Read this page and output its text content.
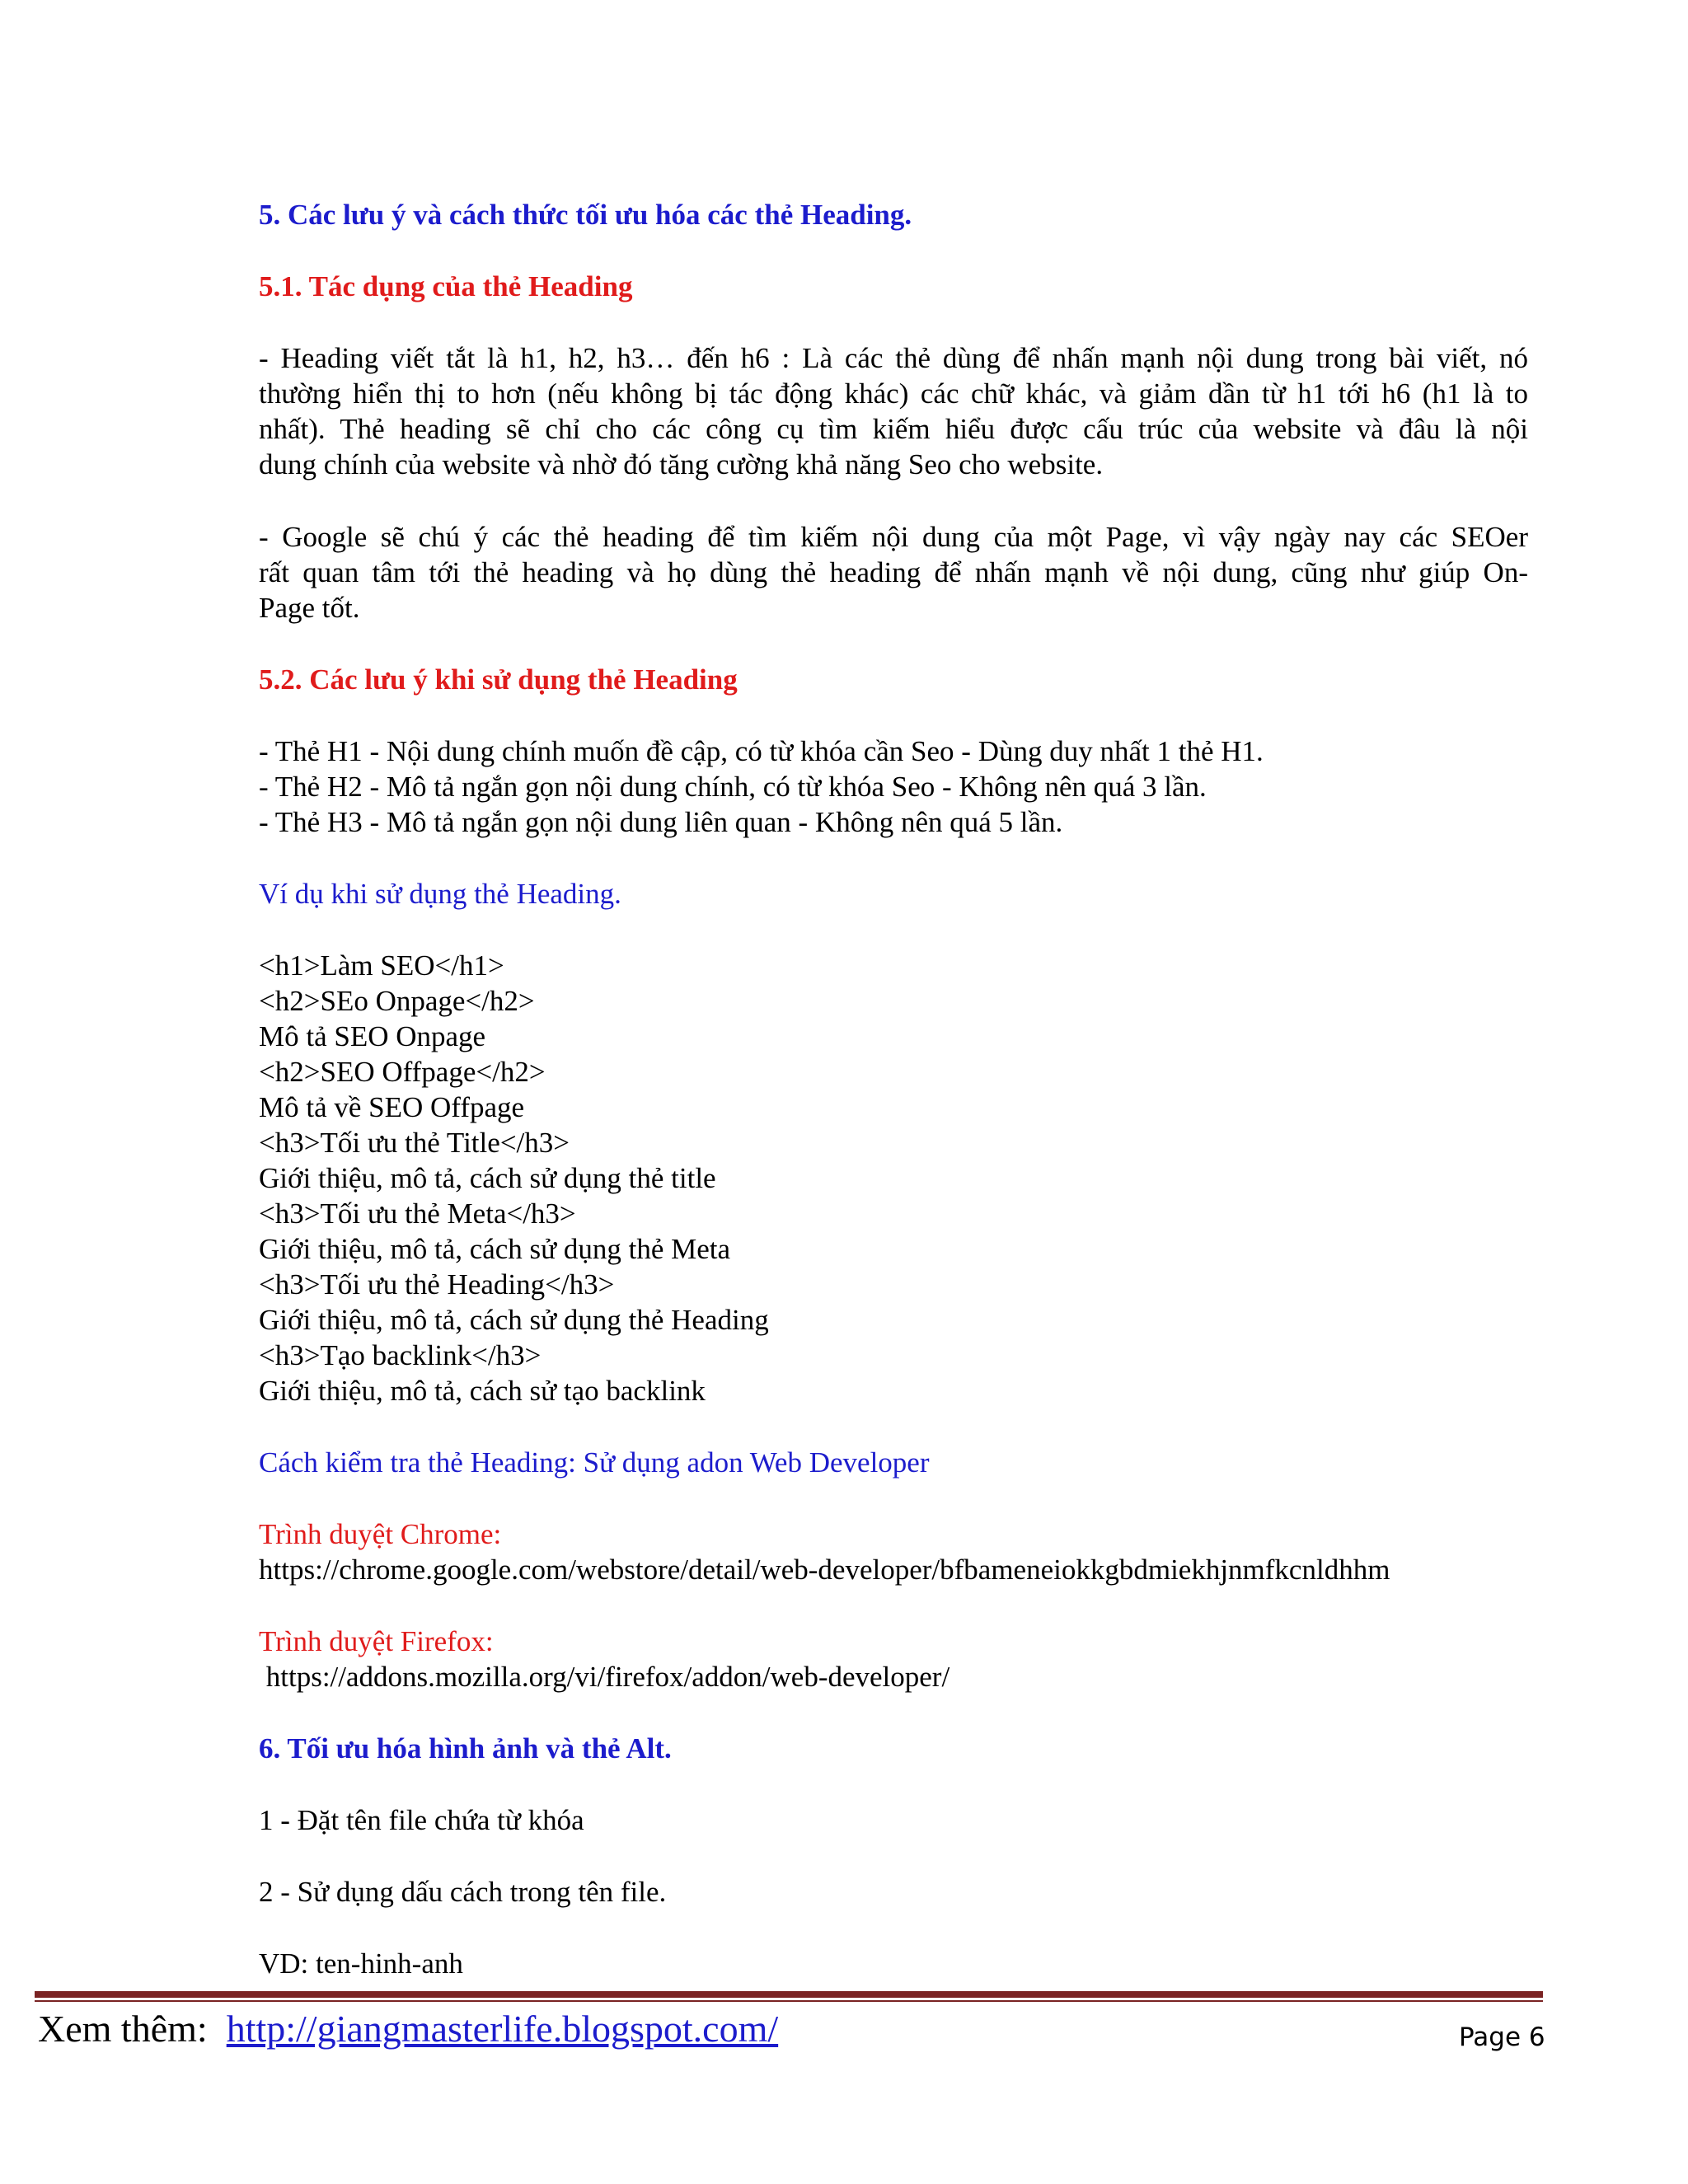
5. Các lưu ý và cách thức tối ưu hóa các thẻ Heading.
5.1. Tác dụng của thẻ Heading
- Heading viết tắt là h1, h2, h3… đến h6 : Là các thẻ dùng để nhấn mạnh nội dung trong bài viết, nó
thường hiển thị to hơn (nếu không bị tác động khác) các chữ khác, và giảm dần từ h1 tới h6 (h1 là to
nhất). Thẻ heading sẽ chỉ cho các công cụ tìm kiếm hiểu được cấu trúc của website và đâu là nội
dung chính của website và nhờ đó tăng cường khả năng Seo cho website.
- Google sẽ chú ý các thẻ heading để tìm kiếm nội dung của một Page, vì vậy ngày nay các SEOer
rất quan tâm tới thẻ heading và họ dùng thẻ heading để nhấn mạnh về nội dung, cũng như giúp On-
Page tốt.
5.2. Các lưu ý khi sử dụng thẻ Heading
- Thẻ H1 - Nội dung chính muốn đề cập, có từ khóa cần Seo - Dùng duy nhất 1 thẻ H1.
- Thẻ H2 - Mô tả ngắn gọn nội dung chính, có từ khóa Seo - Không nên quá 3 lần.
- Thẻ H3 - Mô tả ngắn gọn nội dung liên quan - Không nên quá 5 lần.
Ví dụ khi sử dụng thẻ Heading.
<h1>Làm SEO</h1>
<h2>SEo Onpage</h2>
Mô tả SEO Onpage
<h2>SEO Offpage</h2>
Mô tả về SEO Offpage
<h3>Tối ưu thẻ Title</h3>
Giới thiệu, mô tả, cách sử dụng thẻ title
<h3>Tối ưu thẻ Meta</h3>
Giới thiệu, mô tả, cách sử dụng thẻ Meta
<h3>Tối ưu thẻ Heading</h3>
Giới thiệu, mô tả, cách sử dụng thẻ Heading
<h3>Tạo backlink</h3>
Giới thiệu, mô tả, cách sử tạo backlink
Cách kiểm tra thẻ Heading: Sử dụng adon Web Developer
Trình duyệt Chrome:
https://chrome.google.com/webstore/detail/web-developer/bfbameneiokkgbdmiekhjnmfkcnldhhm
Trình duyệt Firefox:
https://addons.mozilla.org/vi/firefox/addon/web-developer/
6. Tối ưu hóa hình ảnh và thẻ Alt.
1 - Đặt tên file chứa từ khóa
2 - Sử dụng dấu cách trong tên file.
VD: ten-hinh-anh
Xem thêm: http://giangmasterlife.blogspot.com/	Page 6
